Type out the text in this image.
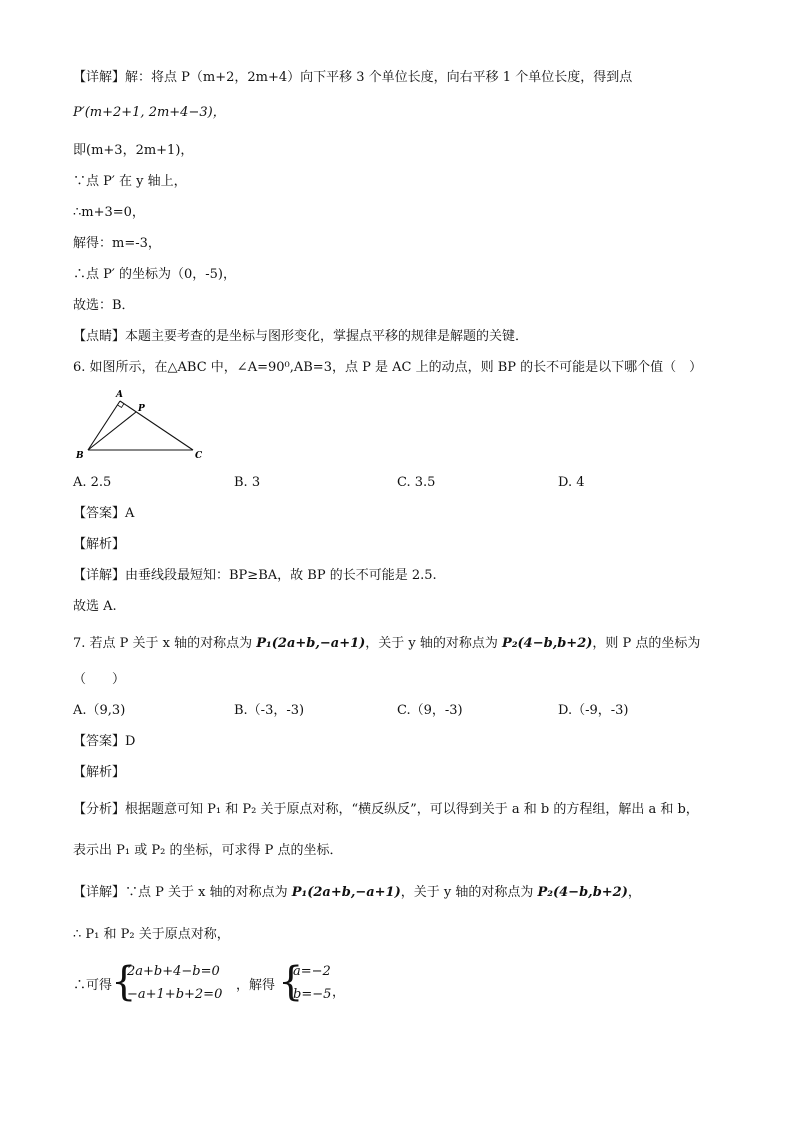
【详解】解：将点 P（m+2，2m+4）向下平移 3 个单位长度，向右平移 1 个单位长度，得到点
P′(m+2+1, 2m+4−3)，
即(m+3，2m+1)，
∵点 P′ 在 y 轴上，
∴m+3=0，
解得：m=-3，
∴点 P′ 的坐标为（0，-5)，
故选：B．
【点睛】本题主要考查的是坐标与图形变化，掌握点平移的规律是解题的关键．
6. 如图所示，在△ABC 中，∠A=90⁰,AB=3，点 P 是 AC 上的动点，则 BP 的长不可能是以下哪个值（　）
A
P
B	C
A. 2.5	B. 3	C. 3.5	D. 4
【答案】A
【解析】
【详解】由垂线段最短知：BP≥BA，故 BP 的长不可能是 2.5.
故选 A.
7. 若点 P 关于 x 轴的对称点为 P₁(2a+b,−a+1)，关于 y 轴的对称点为 P₂(4−b,b+2)，则 P 点的坐标为
（　　）
A.（9,3)	B.（-3，-3)	C.（9，-3)	D.（-9，-3)
【答案】D
【解析】
【分析】根据题意可知 P₁ 和 P₂ 关于原点对称，“横反纵反”，可以得到关于 a 和 b 的方程组，解出 a 和 b，
表示出 P₁ 或 P₂ 的坐标，可求得 P 点的坐标．
【详解】∵点 P 关于 x 轴的对称点为 P₁(2a+b,−a+1)，关于 y 轴的对称点为 P₂(4−b,b+2)，
∴ P₁ 和 P₂ 关于原点对称，
∴可得
{
2a+b+4−b=0
−a+1+b+2=0
，解得 {
a=−2
b=−5 ，
